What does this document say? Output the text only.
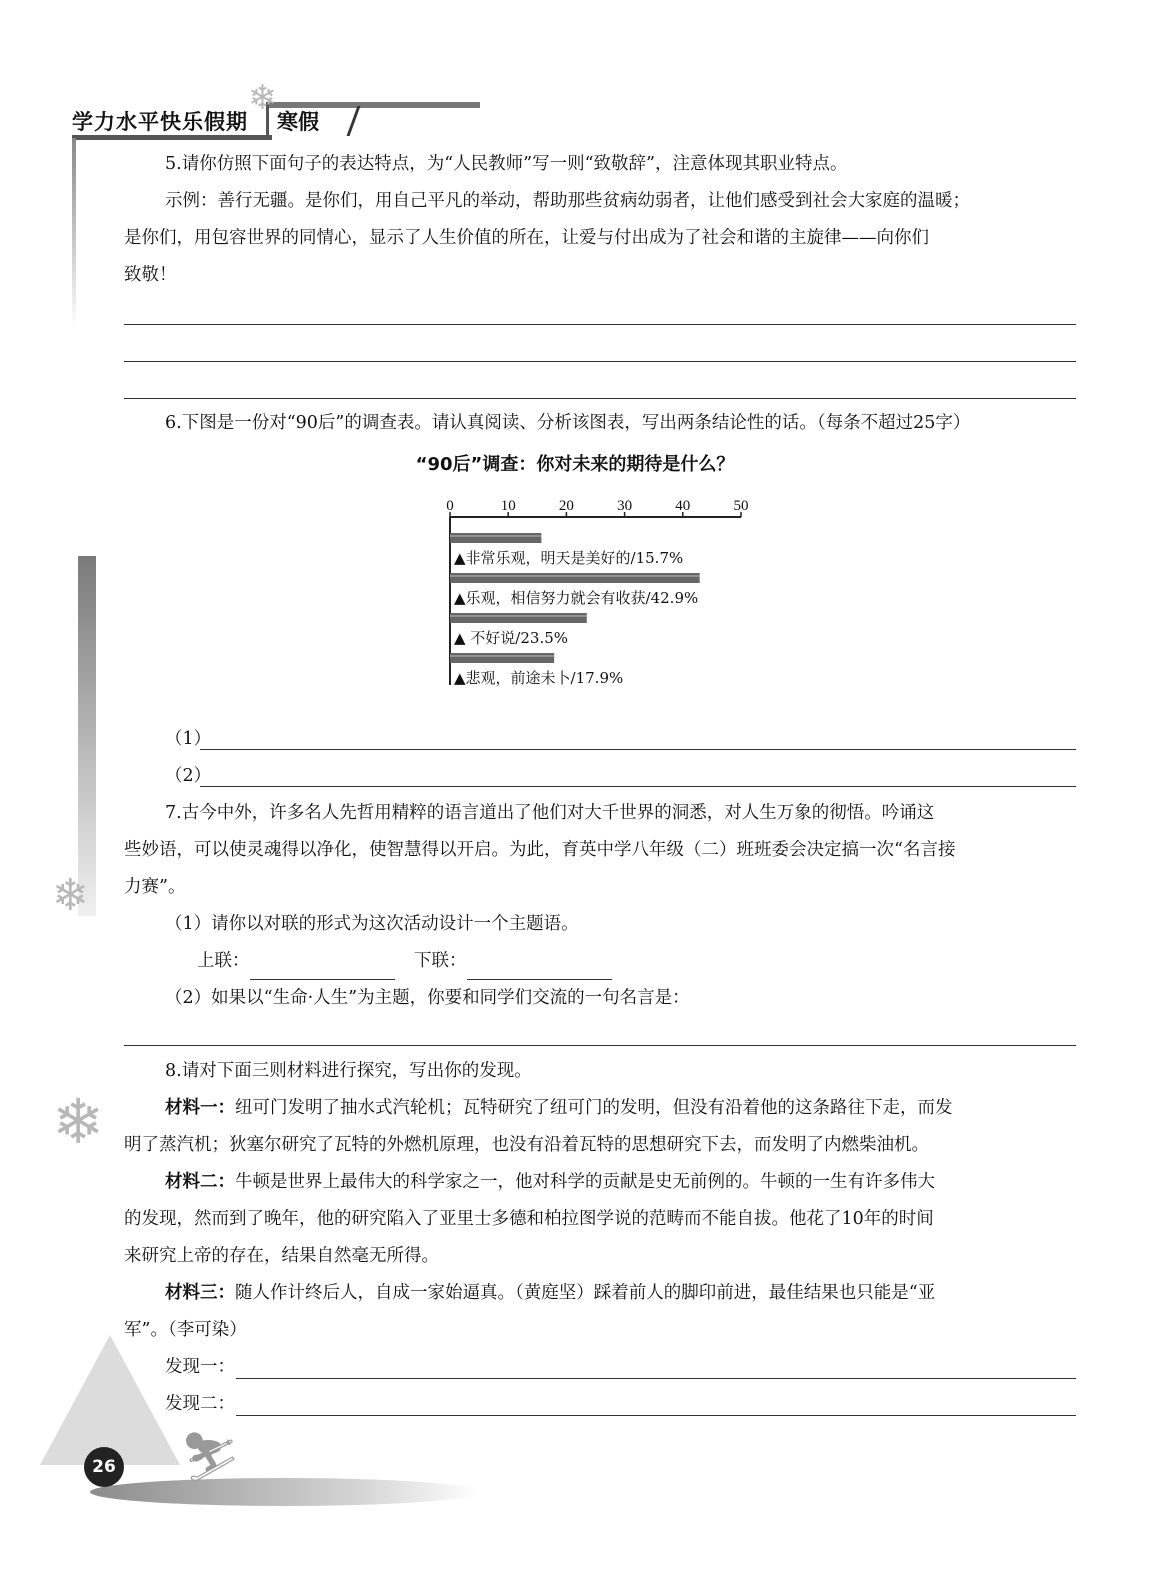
❄
学力水平快乐假期 寒假
❄
❄
5.请你仿照下面句子的表达特点，为“人民教师”写一则“致敬辞”，注意体现其职业特点。
示例：善行无疆。是你们，用自己平凡的举动，帮助那些贫病幼弱者，让他们感受到社会大家庭的温暖；
是你们，用包容世界的同情心，显示了人生价值的所在，让爱与付出成为了社会和谐的主旋律——向你们
致敬！
6.下图是一份对“90后”的调查表。请认真阅读、分析该图表，写出两条结论性的话。（每条不超过25字）
“90后”调查：你对未来的期待是什么？
0	10	20	30	40	50
▲非常乐观，明天是美好的/15.7%
▲乐观，相信努力就会有收获/42.9%
▲ 不好说/23.5%
▲悲观，前途未卜/17.9%
（1）
（2）
7.古今中外，许多名人先哲用精粹的语言道出了他们对大千世界的洞悉，对人生万象的彻悟。吟诵这
些妙语，可以使灵魂得以净化，使智慧得以开启。为此，育英中学八年级（二）班班委会决定搞一次“名言接
力赛”。
（1）请你以对联的形式为这次活动设计一个主题语。
上联：	下联：
（2）如果以“生命·人生”为主题，你要和同学们交流的一句名言是：
8.请对下面三则材料进行探究，写出你的发现。
材料一：纽可门发明了抽水式汽轮机；瓦特研究了纽可门的发明，但没有沿着他的这条路往下走，而发
明了蒸汽机；狄塞尔研究了瓦特的外燃机原理，也没有沿着瓦特的思想研究下去，而发明了内燃柴油机。
材料二：牛顿是世界上最伟大的科学家之一，他对科学的贡献是史无前例的。牛顿的一生有许多伟大
的发现，然而到了晚年，他的研究陷入了亚里士多德和柏拉图学说的范畴而不能自拔。他花了10年的时间
来研究上帝的存在，结果自然毫无所得。
材料三：随人作计终后人，自成一家始逼真。（黄庭坚）踩着前人的脚印前进，最佳结果也只能是“亚
军”。（李可染）
发现一：
发现二：
⛷
26
